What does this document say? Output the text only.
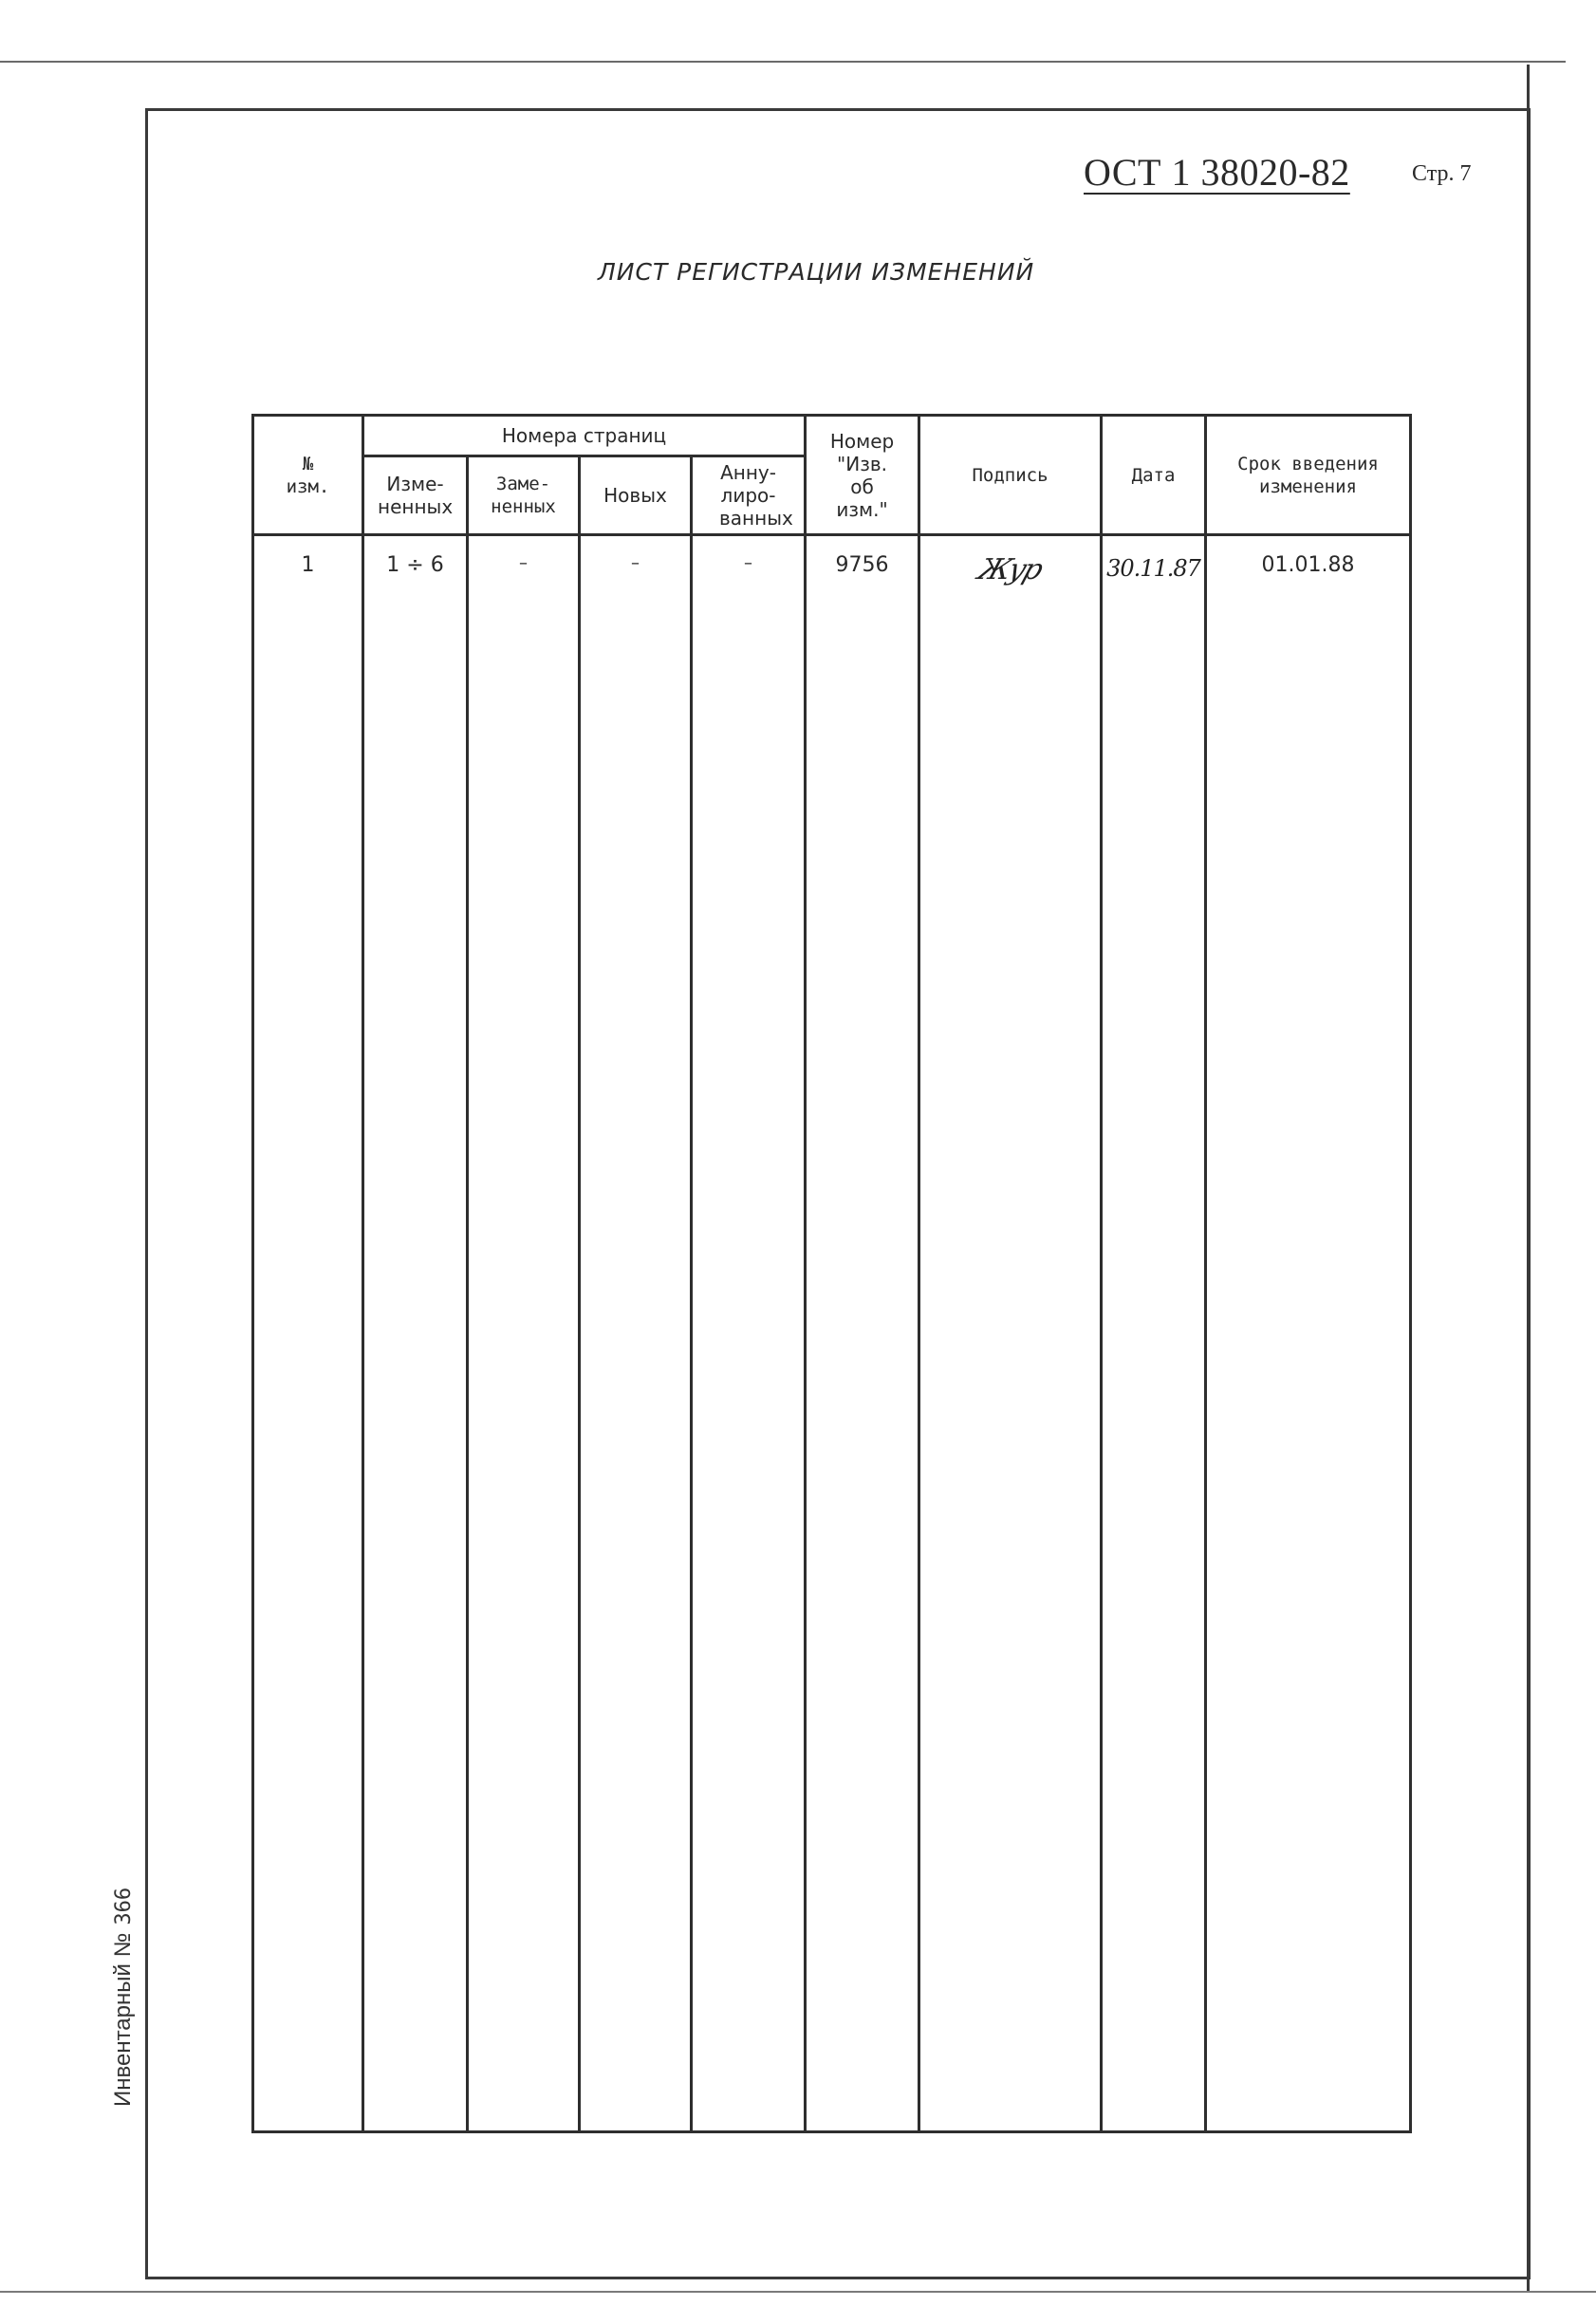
ОСТ 1 38020-82	Стр. 7
ЛИСТ РЕГИСТРАЦИИ ИЗМЕНЕНИЙ
Инвентарный №366
№ изм.	Номера страниц				Номер "Изв. об изм."	Подпись	Дата	Срок введения изменения
	Изме- ненных	Заме- ненных	Новых	Анну- лиро- ванных				
1	1 ÷ 6	–	–	–	9756	Жур	30.11.87	01.01.88
